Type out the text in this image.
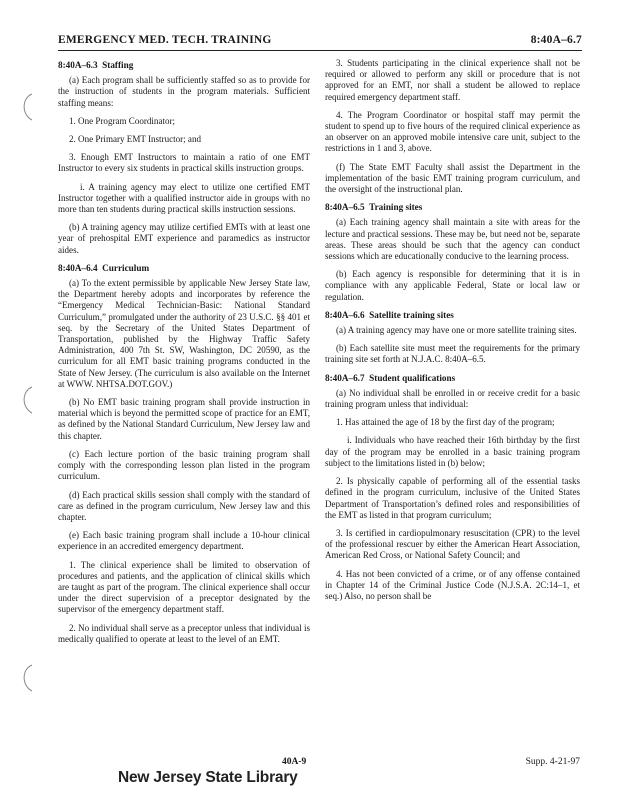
EMERGENCY MED. TECH. TRAINING	8:40A–6.7
8:40A–6.3 Staffing

(a) Each program shall be sufficiently staffed so as to provide for the instruction of students in the program materials. Sufficient staffing means:

1. One Program Coordinator;

2. One Primary EMT Instructor; and

3. Enough EMT Instructors to maintain a ratio of one EMT Instructor to every six students in practical skills instruction groups.

i. A training agency may elect to utilize one certified EMT Instructor together with a qualified instructor aide in groups with no more than ten students during practical skills instruction sessions.

(b) A training agency may utilize certified EMTs with at least one year of prehospital EMT experience and paramedics as instructor aides.

8:40A–6.4 Curriculum

(a) To the extent permissible by applicable New Jersey State law, the Department hereby adopts and incorporates by reference the “Emergency Medical Technician-Basic: National Standard Curriculum,” promulgated under the authority of 23 U.S.C. §§ 401 et seq. by the Secretary of the United States Department of Transportation, published by the Highway Traffic Safety Administration, 400 7th St. SW, Washington, DC 20590, as the curriculum for all EMT basic training programs conducted in the State of New Jersey. (The curriculum is also available on the Internet at WWW. NHTSA.DOT.GOV.)

(b) No EMT basic training program shall provide instruction in material which is beyond the permitted scope of practice for an EMT, as defined by the National Standard Curriculum, New Jersey law and this chapter.

(c) Each lecture portion of the basic training program shall comply with the corresponding lesson plan listed in the program curriculum.

(d) Each practical skills session shall comply with the standard of care as defined in the program curriculum, New Jersey law and this chapter.

(e) Each basic training program shall include a 10-hour clinical experience in an accredited emergency department.

1. The clinical experience shall be limited to observation of procedures and patients, and the application of clinical skills which are taught as part of the program. The clinical experience shall occur under the direct supervision of a preceptor designated by the supervisor of the emergency department staff.

2. No individual shall serve as a preceptor unless that individual is medically qualified to operate at least to the level of an EMT.

3. Students participating in the clinical experience shall not be required or allowed to perform any skill or procedure that is not approved for an EMT, nor shall a student be allowed to replace required emergency department staff.

4. The Program Coordinator or hospital staff may permit the student to spend up to five hours of the required clinical experience as an observer on an approved mobile intensive care unit, subject to the restrictions in 1 and 3, above.

(f) The State EMT Faculty shall assist the Department in the implementation of the basic EMT training program curriculum, and the oversight of the instructional plan.

8:40A–6.5 Training sites

(a) Each training agency shall maintain a site with areas for the lecture and practical sessions. These may be, but need not be, separate areas. These areas should be such that the agency can conduct sessions which are educationally conducive to the learning process.

(b) Each agency is responsible for determining that it is in compliance with any applicable Federal, State or local law or regulation.

8:40A–6.6 Satellite training sites

(a) A training agency may have one or more satellite training sites.

(b) Each satellite site must meet the requirements for the primary training site set forth at N.J.A.C. 8:40A–6.5.

8:40A–6.7 Student qualifications

(a) No individual shall be enrolled in or receive credit for a basic training program unless that individual:

1. Has attained the age of 18 by the first day of the program;

i. Individuals who have reached their 16th birthday by the first day of the program may be enrolled in a basic training program subject to the limitations listed in (b) below;

2. Is physically capable of performing all of the essential tasks defined in the program curriculum, inclusive of the United States Department of Transportation’s defined roles and responsibilities of the EMT as listed in that program curriculum;

3. Is certified in cardiopulmonary resuscitation (CPR) to the level of the professional rescuer by either the American Heart Association, American Red Cross, or National Safety Council; and

4. Has not been convicted of a crime, or of any offense contained in Chapter 14 of the Criminal Justice Code (N.J.S.A. 2C:14–1, et seq.) Also, no person shall be

40A-9	Supp. 4-21-97
New Jersey State Library
